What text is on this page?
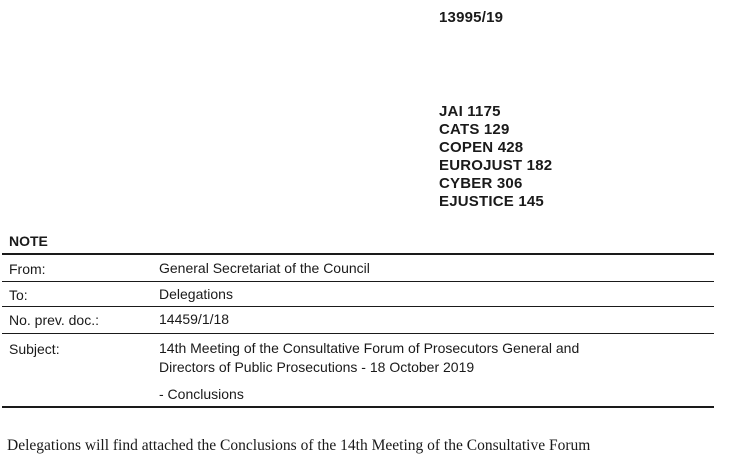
13995/19
JAI 1175
CATS 129
COPEN 428
EUROJUST 182
CYBER 306
EJUSTICE 145
NOTE
From:	General Secretariat of the Council
To:	Delegations
No. prev. doc.:	14459/1/18
Subject:	14th Meeting of the Consultative Forum of Prosecutors General and
Directors of Public Prosecutions - 18 October 2019
- Conclusions
Delegations will find attached the Conclusions of the 14th Meeting of the Consultative Forum
